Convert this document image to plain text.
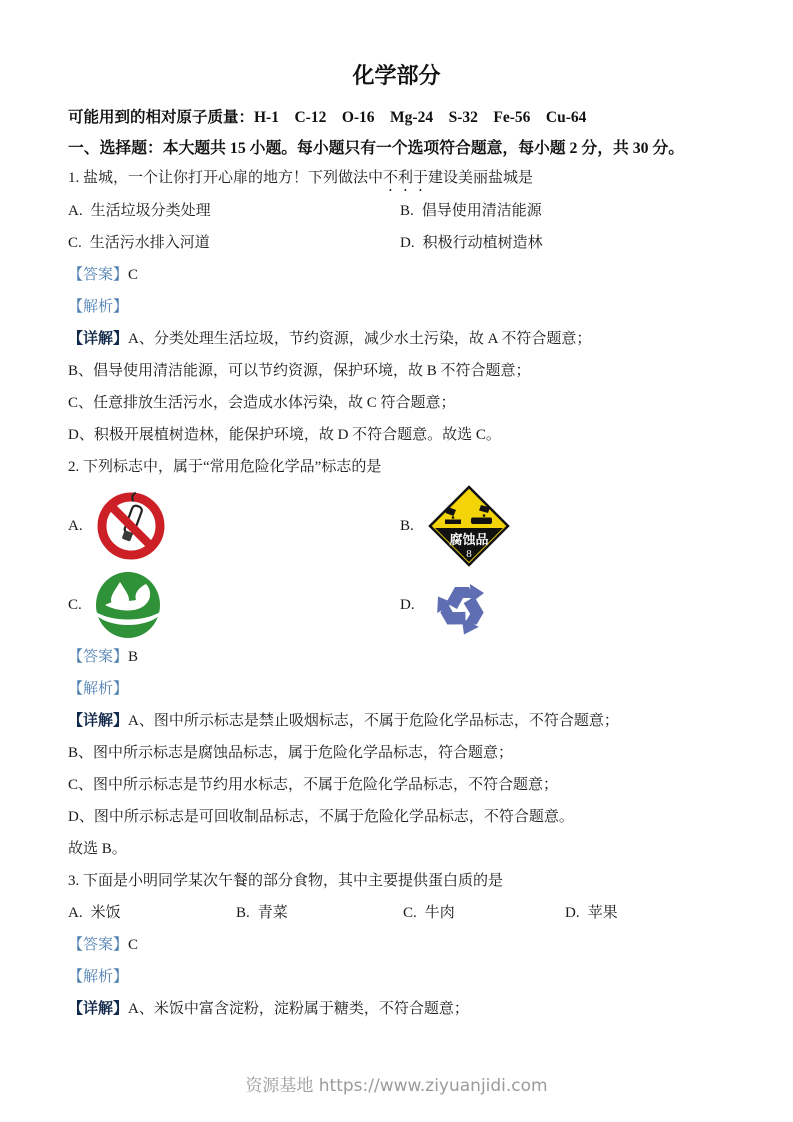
化学部分

可能用到的相对原子质量：H-1    C-12    O-16    Mg-24    S-32    Fe-56    Cu-64

一、选择题：本大题共 15 小题。每小题只有一个选项符合题意，每小题 2 分，共 30 分。

1. 盐城，一个让你打开心扉的地方！下列做法中不利于建设美丽盐城是

A. 生活垃圾分类处理	B. 倡导使用清洁能源

C. 生活污水排入河道	D. 积极行动植树造林

【答案】C

【解析】

【详解】A、分类处理生活垃圾，节约资源，减少水土污染，故 A 不符合题意；

B、倡导使用清洁能源，可以节约资源，保护环境，故 B 不符合题意；

C、任意排放生活污水，会造成水体污染，故 C 符合题意；

D、积极开展植树造林，能保护环境，故 D 不符合题意。故选 C。

2. 下列标志中，属于“常用危险化学品”标志的是

A.	B.
腐蚀品
8
C.	D.

【答案】B

【解析】

【详解】A、图中所示标志是禁止吸烟标志，不属于危险化学品标志，不符合题意；

B、图中所示标志是腐蚀品标志，属于危险化学品标志，符合题意；

C、图中所示标志是节约用水标志，不属于危险化学品标志，不符合题意；

D、图中所示标志是可回收制品标志，不属于危险化学品标志，不符合题意。

故选 B。

3. 下面是小明同学某次午餐的部分食物，其中主要提供蛋白质的是

A. 米饭	B. 青菜	C. 牛肉	D. 苹果

【答案】C

【解析】

【详解】A、米饭中富含淀粉，淀粉属于糖类，不符合题意；

资源基地 https://www.ziyuanjidi.com
